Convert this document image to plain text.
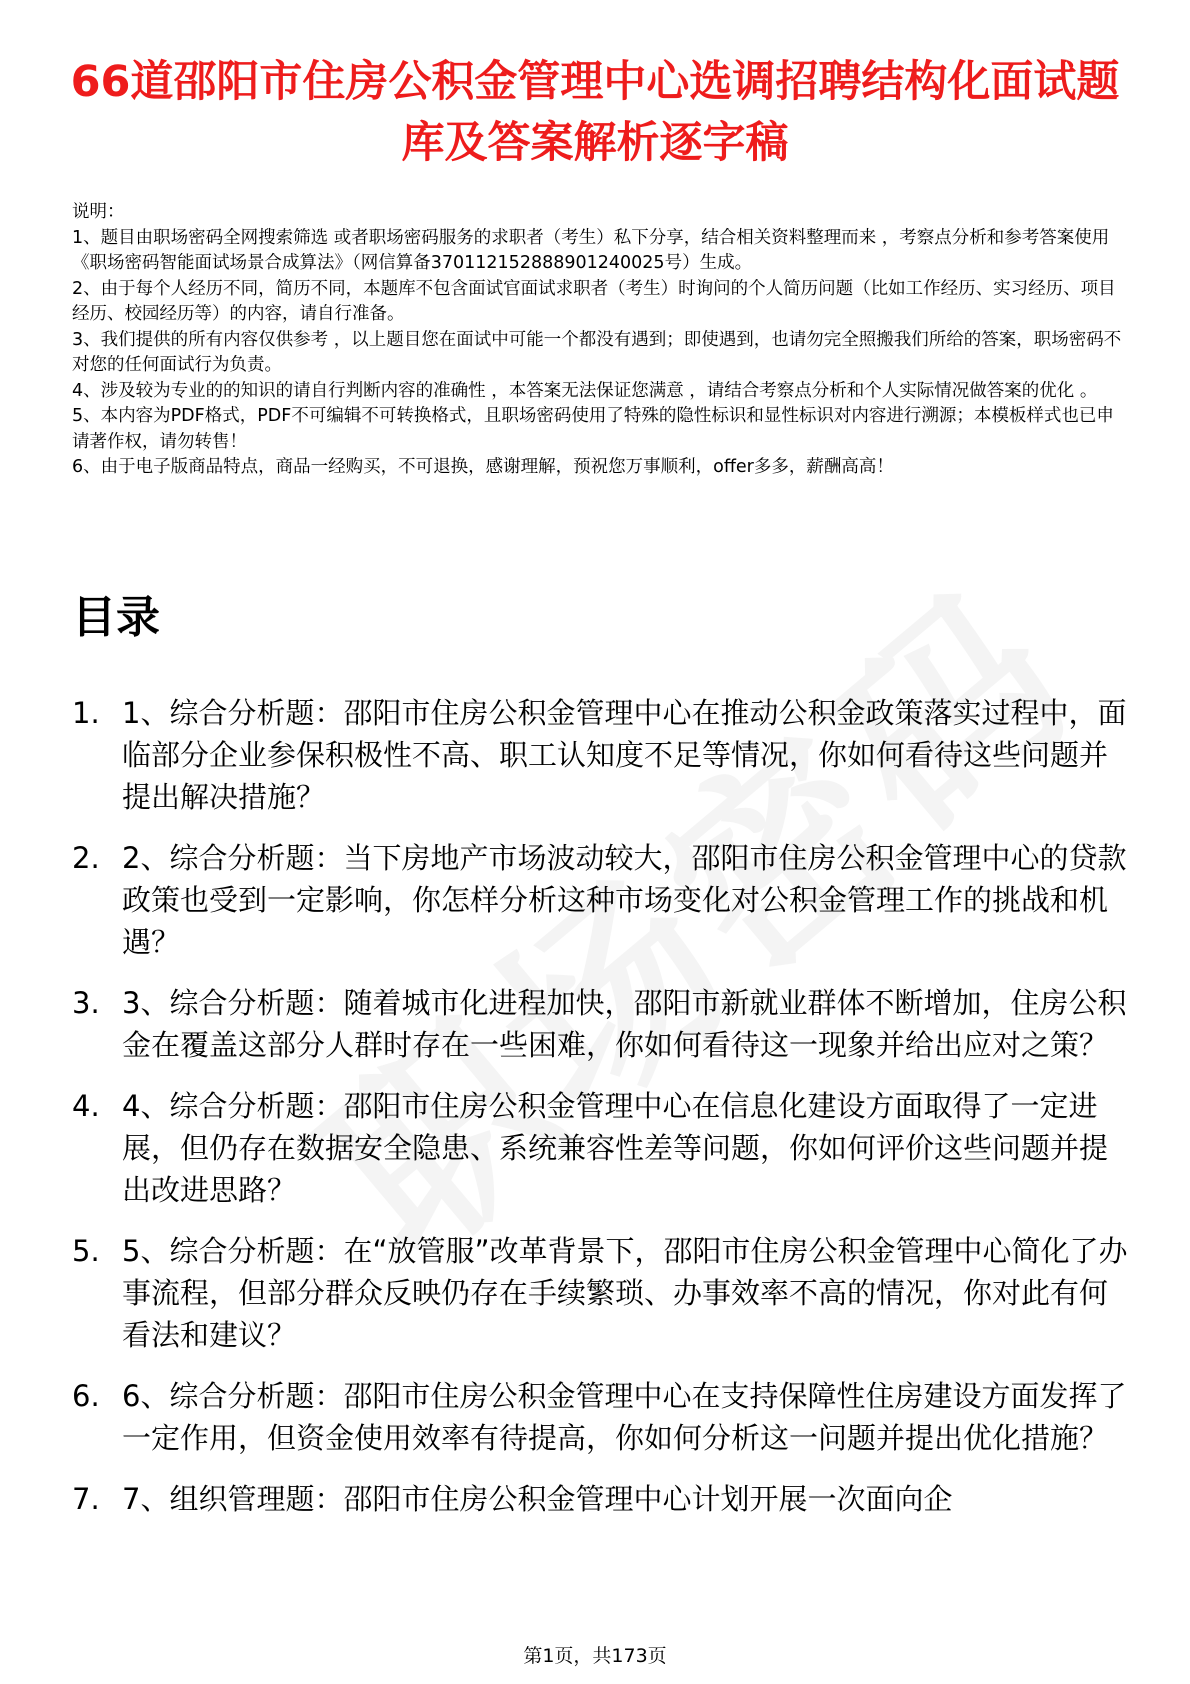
66道邵阳市住房公积金管理中心选调招聘结构化面试题库及答案解析逐字稿

说明：

1、题目由职场密码全网搜索筛选 或者职场密码服务的求职者（考生）私下分享，结合相关资料整理而来 ，考察点分析和参考答案使用《职场密码智能面试场景合成算法》（网信算备370112152888901240025号）生成。

2、由于每个人经历不同，简历不同，本题库不包含面试官面试求职者（考生）时询问的个人简历问题（比如工作经历、实习经历、项目经历、校园经历等）的内容，请自行准备。

3、我们提供的所有内容仅供参考 ，以上题目您在面试中可能一个都没有遇到；即使遇到，也请勿完全照搬我们所给的答案，职场密码不对您的任何面试行为负责。

4、涉及较为专业的的知识的请自行判断内容的准确性 ，本答案无法保证您满意 ，请结合考察点分析和个人实际情况做答案的优化 。

5、本内容为PDF格式，PDF不可编辑不可转换格式，且职场密码使用了特殊的隐性标识和显性标识对内容进行溯源；本模板样式也已申请著作权，请勿转售！

6、由于电子版商品特点，商品一经购买，不可退换，感谢理解，预祝您万事顺利，offer多多，薪酬高高！

目录
1. 1、综合分析题：邵阳市住房公积金管理中心在推动公积金政策落实过程中，面临部分企业参保积极性不高、职工认知度不足等情况，你如何看待这些问题并提出解决措施？
2. 2、综合分析题：当下房地产市场波动较大，邵阳市住房公积金管理中心的贷款政策也受到一定影响，你怎样分析这种市场变化对公积金管理工作的挑战和机遇？
3. 3、综合分析题：随着城市化进程加快，邵阳市新就业群体不断增加，住房公积金在覆盖这部分人群时存在一些困难，你如何看待这一现象并给出应对之策？
4. 4、综合分析题：邵阳市住房公积金管理中心在信息化建设方面取得了一定进展，但仍存在数据安全隐患、系统兼容性差等问题，你如何评价这些问题并提出改进思路？
5. 5、综合分析题：在“放管服”改革背景下，邵阳市住房公积金管理中心简化了办事流程，但部分群众反映仍存在手续繁琐、办事效率不高的情况，你对此有何看法和建议？
6. 6、综合分析题：邵阳市住房公积金管理中心在支持保障性住房建设方面发挥了一定作用，但资金使用效率有待提高，你如何分析这一问题并提出优化措施？
7. 7、组织管理题：邵阳市住房公积金管理中心计划开展一次面向企
第1页，共173页
